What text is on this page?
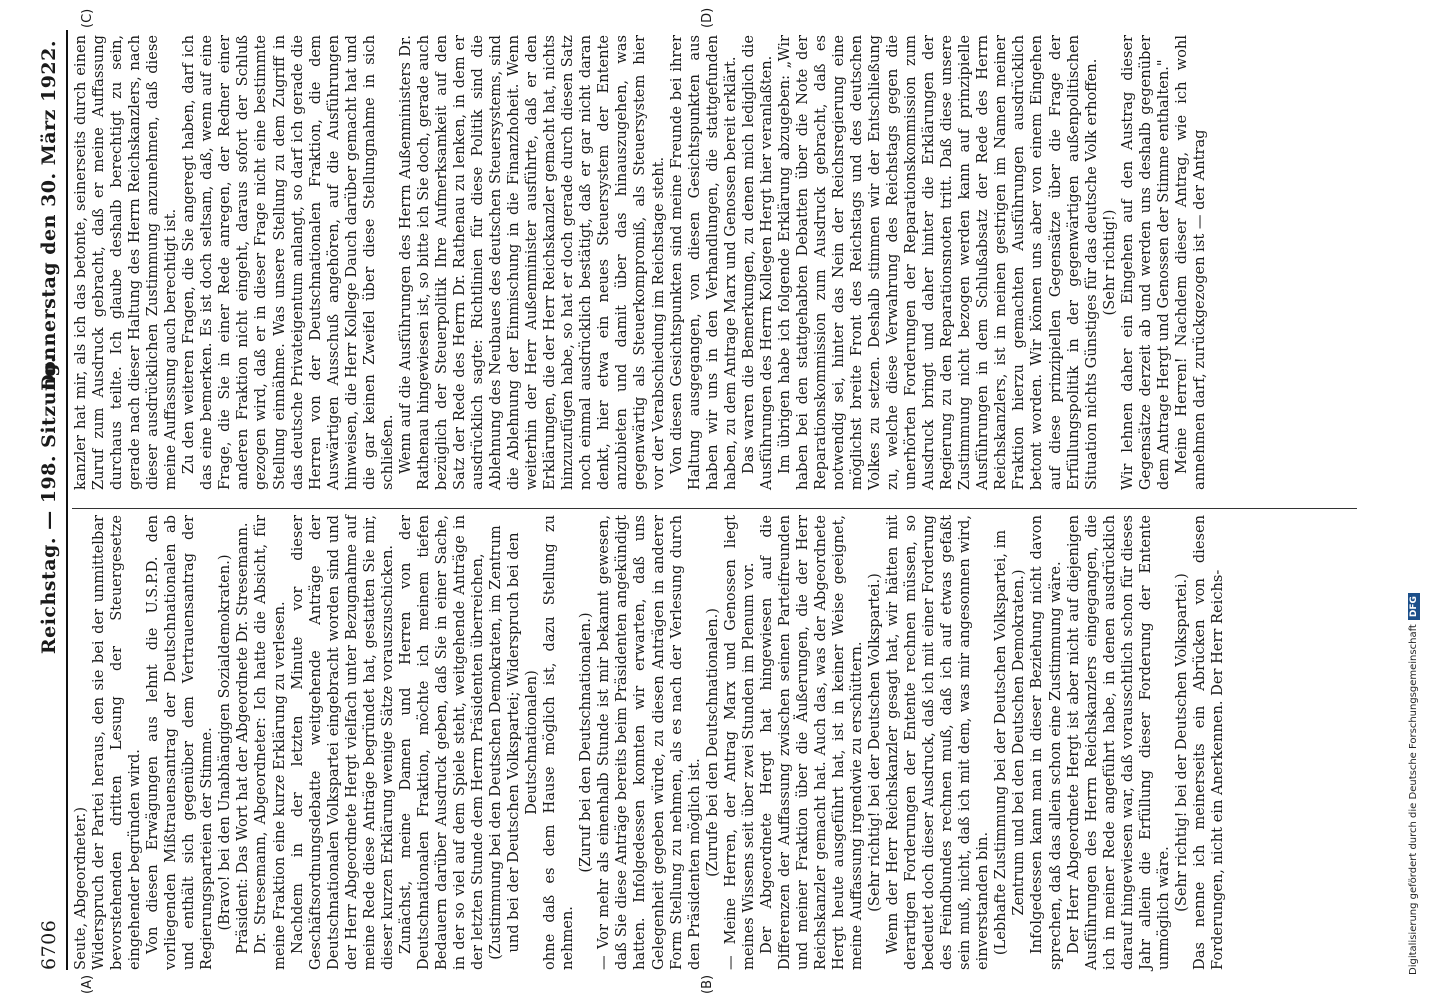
6706
Reichstag. — 198. Sitzung.
Donnerstag den 30. März 1922.
(A)	(B)
(C)	(D)

Seute, Abgeordneter.) Widerspruch der Partei heraus, den sie bei der unmittelbar bevorstehenden dritten Lesung der Steuergesetze eingehender begründen wird. Von diesen Erwägungen aus lehnt die U.S.P.D. den vorliegenden Mißtrauensantrag der Deutschnationalen ab und enthält sich gegenüber dem Vertrauensantrag der Regierungsparteien der Stimme. (Bravo! bei den Unabhängigen Sozialdemokraten.) Präsident: Das Wort hat der Abgeordnete Dr. Stresemann. Dr. Stresemann, Abgeordneter: Ich hatte die Absicht, für meine Fraktion eine kurze Erklärung zu verlesen. Nachdem in der letzten Minute vor dieser Geschäftsordnungsdebatte weitgehende Anträge der Deutschnationalen Volkspartei eingebracht worden sind und der Herr Abgeordnete Hergt vielfach unter Bezugnahme auf meine Rede diese Anträge begründet hat, gestatten Sie mir, dieser kurzen Erklärung wenige Sätze vorauszuschicken. Zunächst, meine Damen und Herren von der Deutschnationalen Fraktion, möchte ich meinem tiefen Bedauern darüber Ausdruck geben, daß Sie in einer Sache, in der so viel auf dem Spiele steht, weitgehende Anträge in der letzten Stunde dem Herrn Präsidenten überreichen, (Zustimmung bei den Deutschen Demokraten, im Zentrum und bei der Deutschen Volkspartei; Widerspruch bei den Deutschnationalen) ohne daß es dem Hause möglich ist, dazu Stellung zu nehmen.

(Zuruf bei den Deutschnationalen.) — Vor mehr als einenhalb Stunde ist mir bekannt gewesen, daß Sie diese Anträge bereits beim Präsidenten angekündigt hatten. Infolgedessen konnten wir erwarten, daß uns Gelegenheit gegeben würde, zu diesen Anträgen in anderer Form Stellung zu nehmen, als es nach der Verlesung durch den Präsidenten möglich ist. (Zurufe bei den Deutschnationalen.) — Meine Herren, der Antrag Marx und Genossen liegt meines Wissens seit über zwei Stunden im Plenum vor. Der Abgeordnete Hergt hat hingewiesen auf die Differenzen der Auffassung zwischen seinen Parteifreunden und meiner Fraktion über die Äußerungen, die der Herr Reichskanzler gemacht hat. Auch das, was der Abgeordnete Hergt heute ausgeführt hat, ist in keiner Weise geeignet, meine Auffassung irgendwie zu erschüttern. (Sehr richtig! bei der Deutschen Volkspartei.) Wenn der Herr Reichskanzler gesagt hat, wir hätten mit derartigen Forderungen der Entente rechnen müssen, so bedeutet doch dieser Ausdruck, daß ich mit einer Forderung des Feindbundes rechnen muß, daß ich auf etwas gefaßt sein muß, nicht, daß ich mit dem, was mir angesonnen wird, einverstanden bin. (Lebhafte Zustimmung bei der Deutschen Volkspartei, im Zentrum und bei den Deutschen Demokraten.) Infolgedessen kann man in dieser Beziehung nicht davon sprechen, daß das allein schon eine Zustimmung wäre. Der Herr Abgeordnete Hergt ist aber nicht auf diejenigen Ausführungen des Herrn Reichskanzlers eingegangen, die ich in meiner Rede angeführt habe, in denen ausdrücklich darauf hingewiesen war, daß vorausschtlich schon für dieses Jahr allein die Erfüllung dieser Forderung der Entente unmöglich wäre. (Sehr richtig! bei der Deutschen Volkspartei.) Das nenne ich meinerseits ein Abrücken von diesen Forderungen, nicht ein Anerkennen. Der Herr Reichs-

kanzler hat mir, als ich das betonte, seinerseits durch einen Zuruf zum Ausdruck gebracht, daß er meine Auffassung durchaus teilte. Ich glaube deshalb berechtigt zu sein, gerade nach dieser Haltung des Herrn Reichskanzlers, nach dieser ausdrücklichen Zustimmung anzunehmen, daß diese meine Auffassung auch berechtigt ist. Zu den weiteren Fragen, die Sie angeregt haben, darf ich das eine bemerken. Es ist doch seltsam, daß, wenn auf eine Frage, die Sie in einer Rede anregen, der Redner einer anderen Fraktion nicht eingeht, daraus sofort der Schluß gezogen wird, daß er in dieser Frage nicht eine bestimmte Stellung einnähme. Was unsere Stellung zu dem Zugriff in das deutsche Privateigentum anlangt, so darf ich gerade die Herren von der Deutschnationalen Fraktion, die dem Auswärtigen Ausschuß angehören, auf die Ausführungen hinweisen, die Herr Kollege Dauch darüber gemacht hat und die gar keinen Zweifel über diese Stellungnahme in sich schließen. Wenn auf die Ausführungen des Herrn Außenministers Dr. Rathenau hingewiesen ist, so bitte ich Sie doch, gerade auch bezüglich der Steuerpolitik Ihre Aufmerksamkeit auf den Satz der Rede des Herrn Dr. Rathenau zu lenken, in dem er ausdrücklich sagte: Richtlinien für diese Politik sind die Ablehnung des Neubaues des deutschen Steuersystems, sind die Ablehnung der Einmischung in die Finanzhoheit. Wenn weiterhin der Herr Außenminister ausführte, daß er den Erklärungen, die der Herr Reichskanzler gemacht hat, nichts hinzuzufügen habe, so hat er doch gerade durch diesen Satz noch einmal ausdrücklich bestätigt, daß er gar nicht daran denkt, hier etwa ein neues Steuersystem der Entente anzubieten und damit über das hinauszugehen, was gegenwärtig als Steuerkompromiß, als Steuersystem hier vor der Verabschiedung im Reichstage steht. Von diesen Gesichtspunkten sind meine Freunde bei ihrer Haltung ausgegangen, von diesen Gesichtspunkten aus haben wir uns in den Verhandlungen, die stattgefunden haben, zu dem Antrage Marx und Genossen bereit erklärt. Das waren die Bemerkungen, zu denen mich lediglich die Ausführungen des Herrn Kollegen Hergt hier veranlaßten. Im übrigen habe ich folgende Erklärung abzugeben: „Wir haben bei den stattgehabten Debatten über die Note der Reparationskommission zum Ausdruck gebracht, daß es notwendig sei, hinter das Nein der Reichsregierung eine möglichst breite Front des Reichstags und des deutschen Volkes zu setzen. Deshalb stimmen wir der Entschließung zu, welche diese Verwahrung des Reichstags gegen die unerhörten Forderungen der Reparationskommission zum Ausdruck bringt und daher hinter die Erklärungen der Regierung zu den Reparationsnoten tritt. Daß diese unsere Zustimmung nicht bezogen werden kann auf prinzipielle Ausführungen in dem Schlußabsatz der Rede des Herrn Reichskanzlers, ist in meinen gestrigen im Namen meiner Fraktion hierzu gemachten Ausführungen ausdrücklich betont worden. Wir können uns aber von einem Eingehen auf diese prinzipiellen Gegensätze über die Frage der Erfüllungspolitik in der gegenwärtigen außenpolitischen Situation nichts Günstiges für das deutsche Volk erhoffen. (Sehr richtig!) Wir lehnen daher ein Eingehen auf den Austrag dieser Gegensätze derzeit ab und werden uns deshalb gegenüber dem Antrage Hergt und Genossen der Stimme enthalten." Meine Herren! Nachdem dieser Antrag, wie ich wohl annehmen darf, zurückgezogen ist — der Antrag

Digitalisierung gefördert durch die Deutsche ForschungsgemeinschaftDFG
